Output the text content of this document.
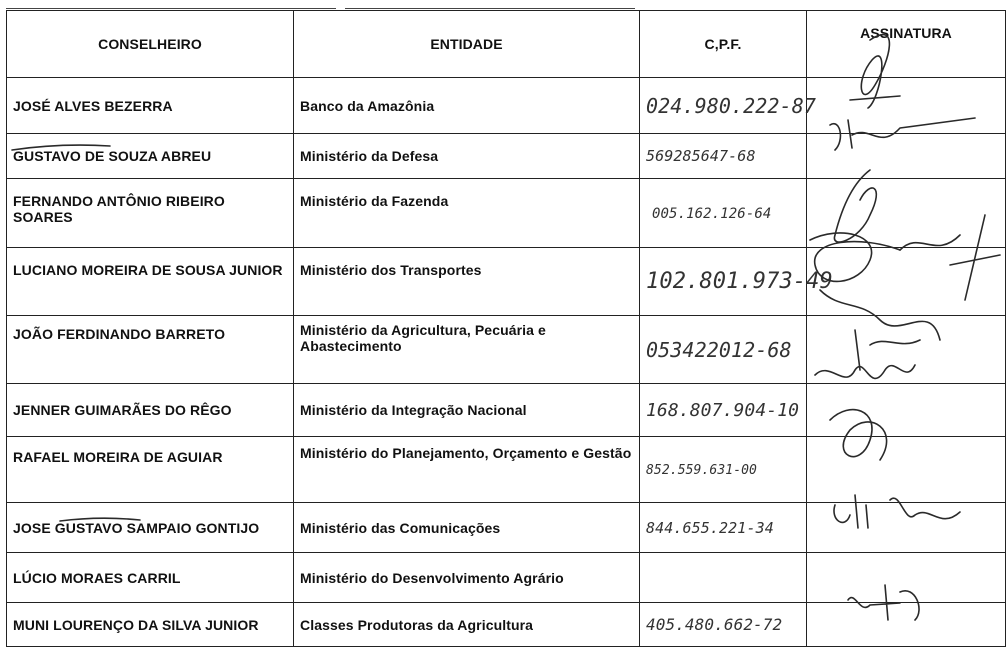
CONSELHEIRO	ENTIDADE	C,P.F.	ASSINATURA
JOSÉ ALVES BEZERRA	Banco da Amazônia	024.980.222-87	
GUSTAVO DE SOUZA ABREU	Ministério da Defesa	569285647-68	
FERNANDO ANTÔNIO RIBEIRO SOARES	Ministério da Fazenda	005.162.126-64	
LUCIANO MOREIRA DE SOUSA JUNIOR	Ministério dos Transportes	102.801.973-49	
JOÃO FERDINANDO BARRETO	Ministério da Agricultura, Pecuária e Abastecimento	053422012-68	
JENNER GUIMARÃES DO RÊGO	Ministério da Integração Nacional	168.807.904-10	
RAFAEL MOREIRA DE AGUIAR	Ministério do Planejamento, Orçamento e Gestão	852.559.631-00	
JOSE GUSTAVO SAMPAIO GONTIJO	Ministério das Comunicações	844.655.221-34	
LÚCIO MORAES CARRIL	Ministério do Desenvolvimento Agrário		
MUNI LOURENÇO DA SILVA JUNIOR	Classes Produtoras da Agricultura	405.480.662-72	
